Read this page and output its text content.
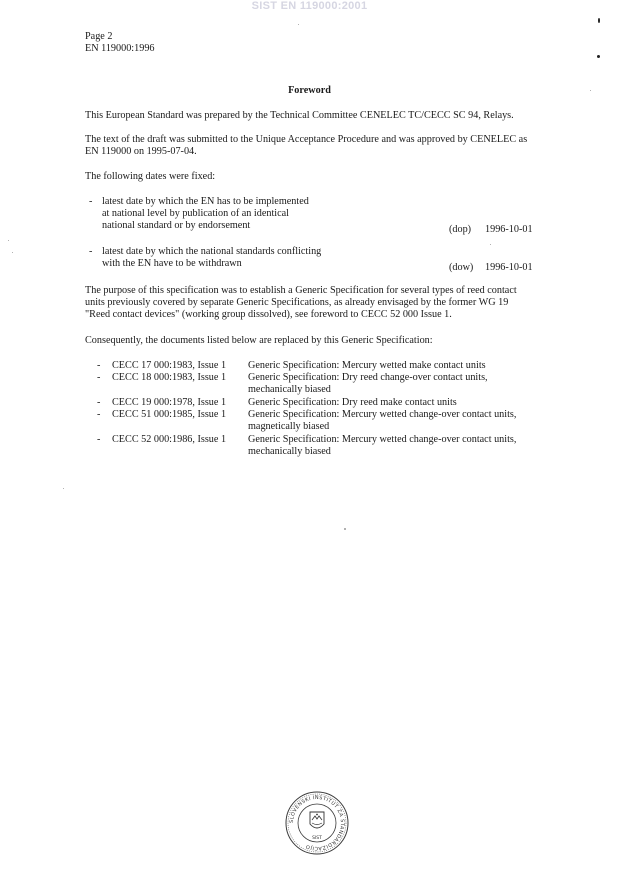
SIST EN 119000:2001
Page 2
EN 119000:1996
Foreword
This European Standard was prepared by the Technical Committee CENELEC TC/CECC SC 94, Relays.
The text of the draft was submitted to the Unique Acceptance Procedure and was approved by CENELEC as
EN 119000 on 1995-07-04.
The following dates were fixed:
- latest date by which the EN has to be implemented
at national level by publication of an identical
national standard or by endorsement	(dop) 1996-10-01
- latest date by which the national standards conflicting
with the EN have to be withdrawn	(dow) 1996-10-01
The purpose of this specification was to establish a Generic Specification for several types of reed contact
units previously covered by separate Generic Specifications, as already envisaged by the former WG 19
"Reed contact devices" (working group dissolved), see foreword to CECC 52 000 Issue 1.
Consequently, the documents listed below are replaced by this Generic Specification:
- CECC 17 000:1983, Issue 1 Generic Specification: Mercury wetted make contact units
- CECC 18 000:1983, Issue 1 Generic Specification: Dry reed change-over contact units,
mechanically biased
- CECC 19 000:1978, Issue 1 Generic Specification: Dry reed make contact units
- CECC 51 000:1985, Issue 1 Generic Specification: Mercury wetted change-over contact units,
magnetically biased
- CECC 52 000:1986, Issue 1 Generic Specification: Mercury wetted change-over contact units,
mechanically biased
SLOVENSKI INSTITUT ZA STANDARDIZACIJO
SIST
